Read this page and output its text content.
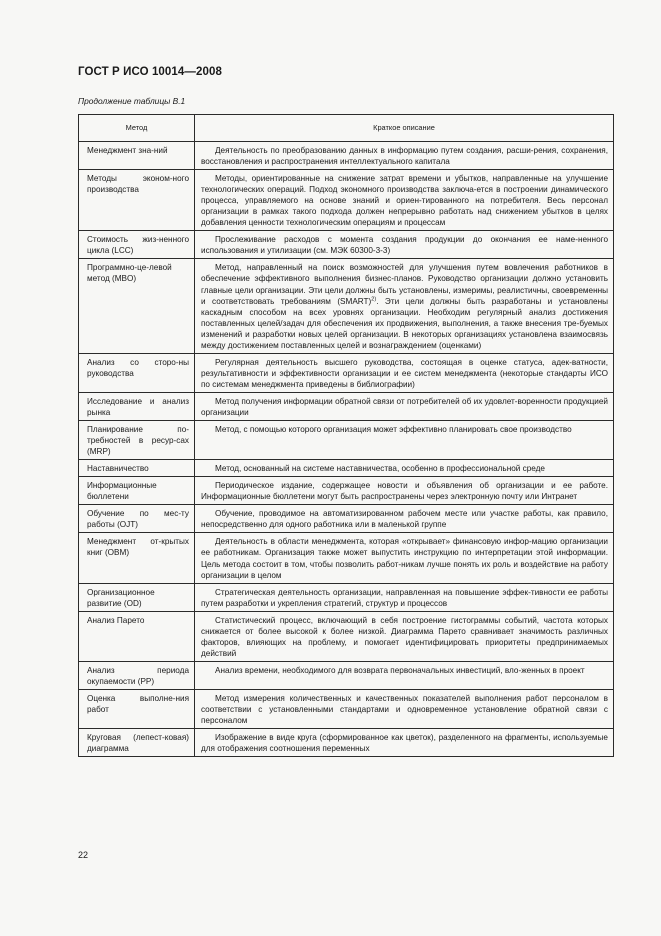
ГОСТ Р ИСО 10014—2008
Продолжение таблицы В.1
Метод	Краткое описание
Менеджмент зна-ний	Деятельность по преобразованию данных в информацию путем создания, расши-рения, сохранения, восстановления и распространения интеллектуального капитала
Методы эконом-ного производства	Методы, ориентированные на снижение затрат времени и убытков, направленные на улучшение технологических операций. Подход экономного производства заключа-ется в построении динамического процесса, управляемого на основе знаний и ориен-тированного на потребителя. Весь персонал организации в рамках такого подхода должен непрерывно работать над снижением убытков в целях добавления ценности технологическим операциям и процессам
Стоимость жиз-ненного цикла (LCC)	Прослеживание расходов с момента создания продукции до окончания ее наме-ненного использования и утилизации (см. МЭК 60300-3-3)
Программно-це-левой метод (MBO)	Метод, направленный на поиск возможностей для улучшения путем вовлечения работников в обеспечение эффективного выполнения бизнес-планов. Руководство организации должно установить главные цели организации. Эти цели должны быть установлены, измеримы, реалистичны, своевременны и соответствовать требованиям (SMART)$^{2)}$. Эти цели должны быть разработаны и установлены каскадным способом на всех уровнях организации. Необходим регулярный анализ достижения поставленных целей/задач для обеспечения их продвижения, выполнения, а также внесения тре-буемых изменений и разработки новых целей организации. В некоторых организациях установлена взаимосвязь между достижением поставленных целей и вознаграждением (оценками)
Анализ со сторо-ны руководства	Регулярная деятельность высшего руководства, состоящая в оценке статуса, адек-ватности, результативности и эффективности организации и ее систем менеджмента (некоторые стандарты ИСО по системам менеджмента приведены в библиографии)
Исследование и анализ рынка	Метод получения информации обратной связи от потребителей об их удовлет-воренности продукцией организации
Планирование по-требностей в ресур-сах (MRP)	Метод, с помощью которого организация может эффективно планировать свое производство
Наставничество	Метод, основанный на системе наставничества, особенно в профессиональной среде
Информационные бюллетени	Периодическое издание, содержащее новости и объявления об организации и ее работе. Информационные бюллетени могут быть распространены через электронную почту или Интранет
Обучение по мес-ту работы (OJT)	Обучение, проводимое на автоматизированном рабочем месте или участке работы, как правило, непосредственно для одного работника или в маленькой группе
Менеджмент от-крытых книг (OBM)	Деятельность в области менеджмента, которая «открывает» финансовую инфор-мацию организации ее работникам. Организация также может выпустить инструкцию по интерпретации этой информации. Цель метода состоит в том, чтобы позволить работ-никам лучше понять их роль и воздействие на работу организации в целом
Организационное развитие (OD)	Стратегическая деятельность организации, направленная на повышение эффек-тивности ее работы путем разработки и укрепления стратегий, структур и процессов
Анализ Парето	Статистический процесс, включающий в себя построение гистограммы событий, частота которых снижается от более высокой к более низкой. Диаграмма Парето сравнивает значимость различных факторов, влияющих на проблему, и помогает идентифицировать приоритеты предпринимаемых действий
Анализ периода окупаемости (PP)	Анализ времени, необходимого для возврата первоначальных инвестиций, вло-женных в проект
Оценка выполне-ния работ	Метод измерения количественных и качественных показателей выполнения работ персоналом в соответствии с установленными стандартами и одновременное установление обратной связи с персоналом
Круговая (лепест-ковая) диаграмма	Изображение в виде круга (сформированное как цветок), разделенного на фрагменты, используемые для отображения соотношения переменных
22
